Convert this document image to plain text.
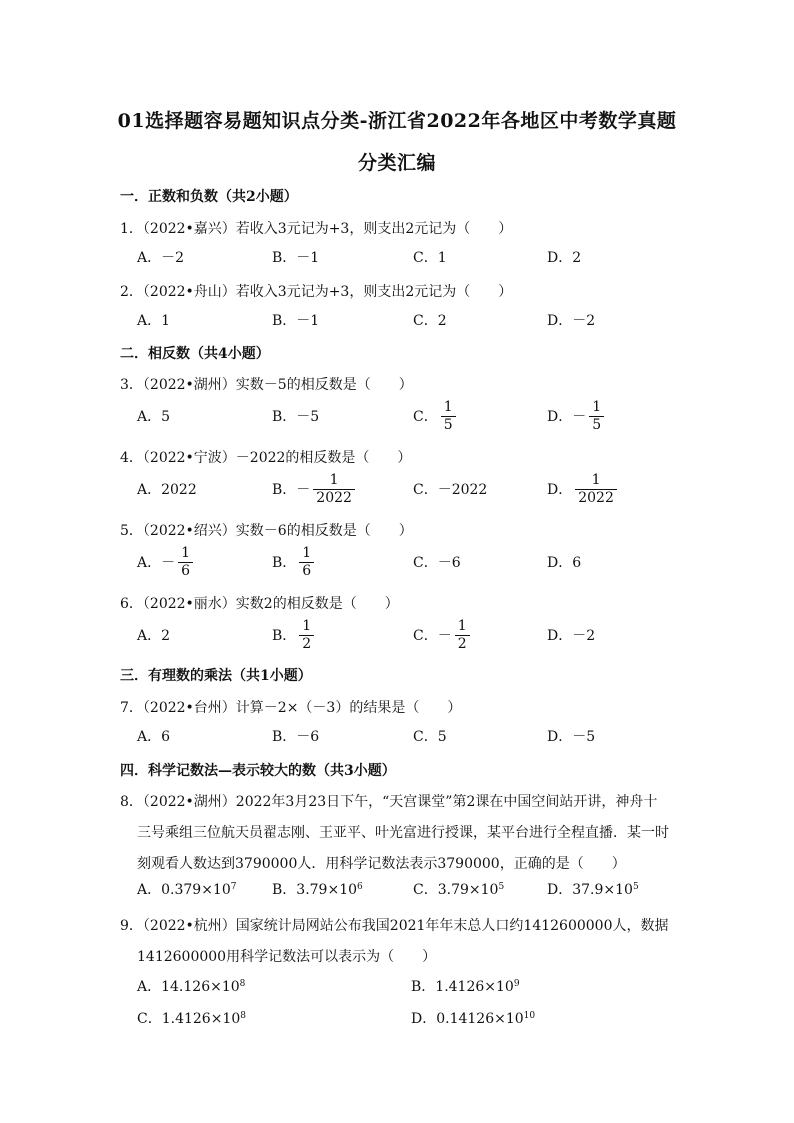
01选择题容易题知识点分类-浙江省2022年各地区中考数学真题
分类汇编
一．正数和负数（共2小题）
1．（2022•嘉兴）若收入3元记为+3，则支出2元记为（　　）
A．－2	B．－1	C．1	D．2
2．（2022•舟山）若收入3元记为+3，则支出2元记为（　　）
A．1	B．－1	C．2	D．－2
二．相反数（共4小题）
3．（2022•湖州）实数－5的相反数是（　　）
A．5	B．－5	C． $\frac{1}{5}$	D．－ $\frac{1}{5}$
4．（2022•宁波）－2022的相反数是（　　）
A．2022	B．－ $\frac{1}{2022}$	C．－2022	D． $\frac{1}{2022}$
5．（2022•绍兴）实数－6的相反数是（　　）
A．－ $\frac{1}{6}$	B． $\frac{1}{6}$	C．－6	D．6
6．（2022•丽水）实数2的相反数是（　　）
A．2	B． $\frac{1}{2}$	C．－ $\frac{1}{2}$	D．－2
三．有理数的乘法（共1小题）
7．（2022•台州）计算－2×（－3）的结果是（　　）
A．6	B．－6	C．5	D．－5
四．科学记数法—表示较大的数（共3小题）
8．（2022•湖州）2022年3月23日下午，“天宫课堂”第2课在中国空间站开讲，神舟十
三号乘组三位航天员翟志刚、王亚平、叶光富进行授课，某平台进行全程直播．某一时
刻观看人数达到3790000人．用科学记数法表示3790000，正确的是（　　）
A．$0.379\times 10^7$	B．$3.79\times 10^6$	C．$3.79\times 10^5$	D．$37.9\times 10^5$
9．（2022•杭州）国家统计局网站公布我国2021年年末总人口约1412600000人，数据
1412600000用科学记数法可以表示为（　　）
A．$14.126\times 10^8$	B．$1.4126\times 10^9$
C．$1.4126\times 10^8$	D．$0.14126\times 10^{10}$
